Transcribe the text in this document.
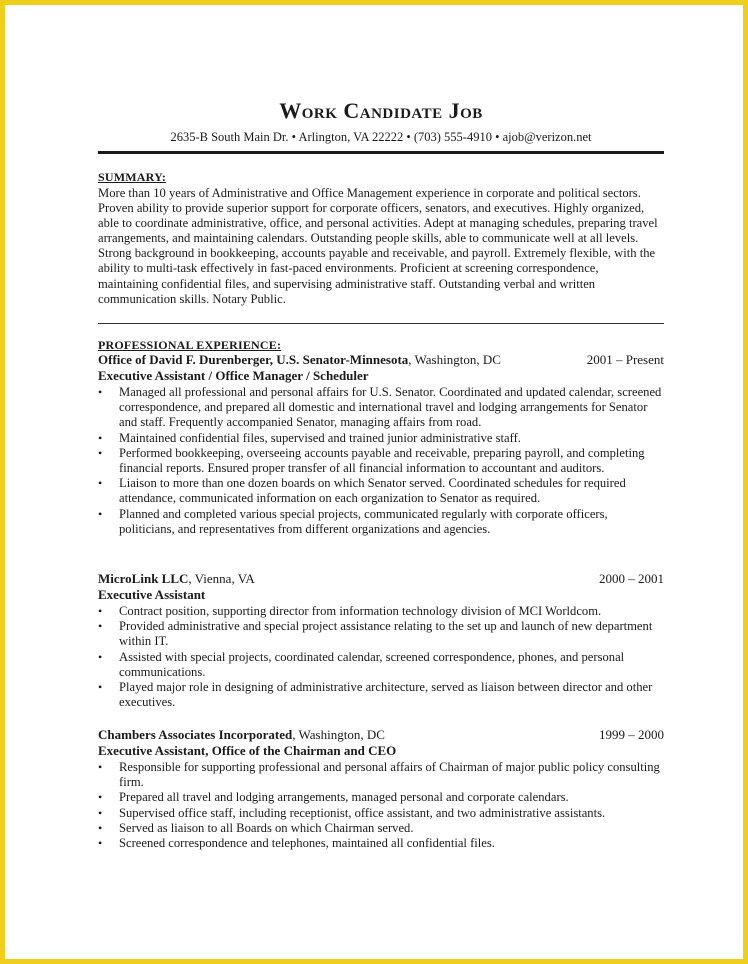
Work Candidate Job
2635-B South Main Dr. • Arlington, VA 22222 • (703) 555-4910 • ajob@verizon.net
SUMMARY:
More than 10 years of Administrative and Office Management experience in corporate and political sectors. Proven ability to provide superior support for corporate officers, senators, and executives. Highly organized, able to coordinate administrative, office, and personal activities. Adept at managing schedules, preparing travel arrangements, and maintaining calendars. Outstanding people skills, able to communicate well at all levels. Strong background in bookkeeping, accounts payable and receivable, and payroll. Extremely flexible, with the ability to multi-task effectively in fast-paced environments. Proficient at screening correspondence, maintaining confidential files, and supervising administrative staff. Outstanding verbal and written communication skills. Notary Public.
PROFESSIONAL EXPERIENCE:
Office of David F. Durenberger, U.S. Senator-Minnesota, Washington, DC	2001 – Present
Executive Assistant / Office Manager / Scheduler
• Managed all professional and personal affairs for U.S. Senator. Coordinated and updated calendar, screened correspondence, and prepared all domestic and international travel and lodging arrangements for Senator and staff. Frequently accompanied Senator, managing affairs from road.
• Maintained confidential files, supervised and trained junior administrative staff.
• Performed bookkeeping, overseeing accounts payable and receivable, preparing payroll, and completing financial reports. Ensured proper transfer of all financial information to accountant and auditors.
• Liaison to more than one dozen boards on which Senator served. Coordinated schedules for required attendance, communicated information on each organization to Senator as required.
• Planned and completed various special projects, communicated regularly with corporate officers, politicians, and representatives from different organizations and agencies.
MicroLink LLC, Vienna, VA	2000 – 2001
Executive Assistant
• Contract position, supporting director from information technology division of MCI Worldcom.
• Provided administrative and special project assistance relating to the set up and launch of new department within IT.
• Assisted with special projects, coordinated calendar, screened correspondence, phones, and personal communications.
• Played major role in designing of administrative architecture, served as liaison between director and other executives.
Chambers Associates Incorporated, Washington, DC	1999 – 2000
Executive Assistant, Office of the Chairman and CEO
• Responsible for supporting professional and personal affairs of Chairman of major public policy consulting firm.
• Prepared all travel and lodging arrangements, managed personal and corporate calendars.
• Supervised office staff, including receptionist, office assistant, and two administrative assistants.
• Served as liaison to all Boards on which Chairman served.
• Screened correspondence and telephones, maintained all confidential files.
